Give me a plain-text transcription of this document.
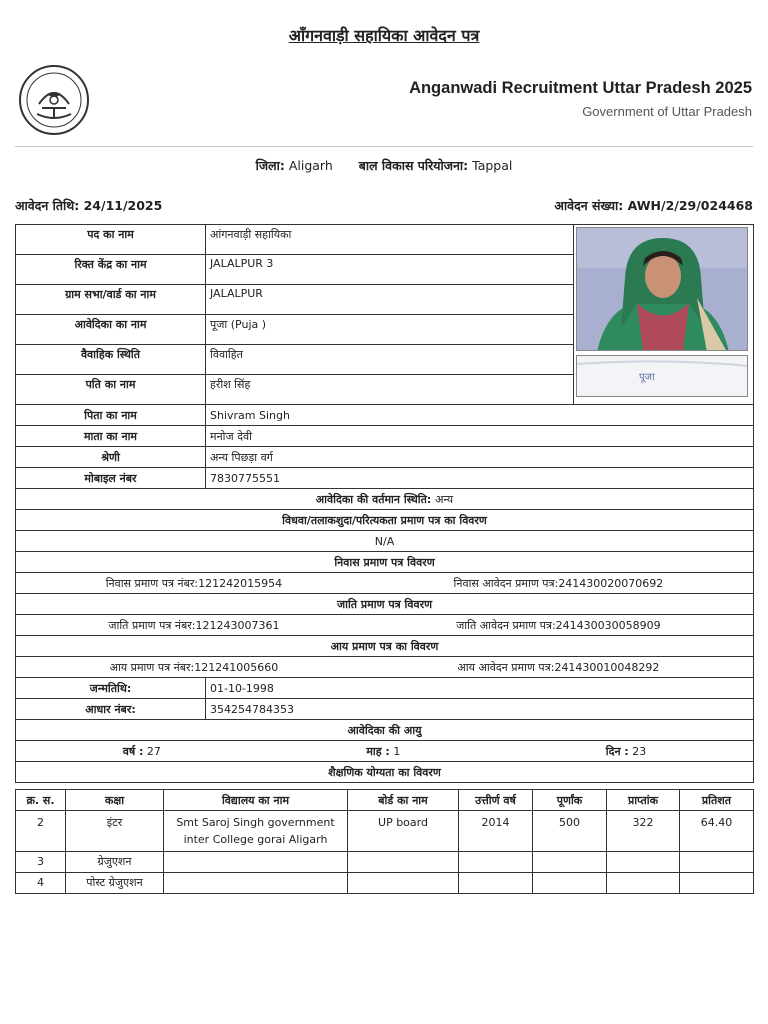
आँगनवाड़ी सहायिका आवेदन पत्र
Anganwadi Recruitment Uttar Pradesh 2025
Government of Uttar Pradesh
जिला: Aligarh बाल विकास परियोजना: Tappal
आवेदन तिथि: 24/11/2025	आवेदन संख्या: AWH/2/29/024468
पद का नाम	आंगनवाड़ी सहायिका	पूजा

रिक्त केंद्र का नाम	JALALPUR 3	
ग्राम सभा/वार्ड का नाम	JALALPUR	
आवेदिका का नाम	पूजा (Puja )	
वैवाहिक स्थिति	विवाहित	
पति का नाम	हरीश सिंह	
पिता का नाम	Shivram Singh	
माता का नाम	मनोज देवी	
श्रेणी	अन्य पिछड़ा वर्ग	
मोबाइल नंबर	7830775551	
आवेदिका की वर्तमान स्थिति: अन्य		
विधवा/तलाकशुदा/परित्यकता प्रमाण पत्र का विवरण		
N/A		
निवास प्रमाण पत्र विवरण		

निवास प्रमाण पत्र नंबर:121242015954 निवास आवेदन प्रमाण पत्र:241430020070692		

जाति प्रमाण पत्र विवरण		

जाति प्रमाण पत्र नंबर:121243007361 जाति आवेदन प्रमाण पत्र:241430030058909		

आय प्रमाण पत्र का विवरण		

आय प्रमाण पत्र नंबर:121241005660 आय आवेदन प्रमाण पत्र:241430010048292		

जन्मतिथि:	01-10-1998	
आधार नंबर:	354254784353	
आवेदिका की आयु		

वर्ष : 27 माह : 1 दिन : 23		

शैक्षणिक योग्यता का विवरण		
क्र. स.	कक्षा	विद्यालय का नाम	बोर्ड का नाम	उत्तीर्ण वर्ष	पूर्णांक	प्राप्तांक	प्रतिशत
2	इंटर	Smt Saroj Singh government inter College gorai Aligarh	UP board	2014	500	322	64.40
3	ग्रेजुएशन						
4	पोस्ट ग्रेजुएशन						
